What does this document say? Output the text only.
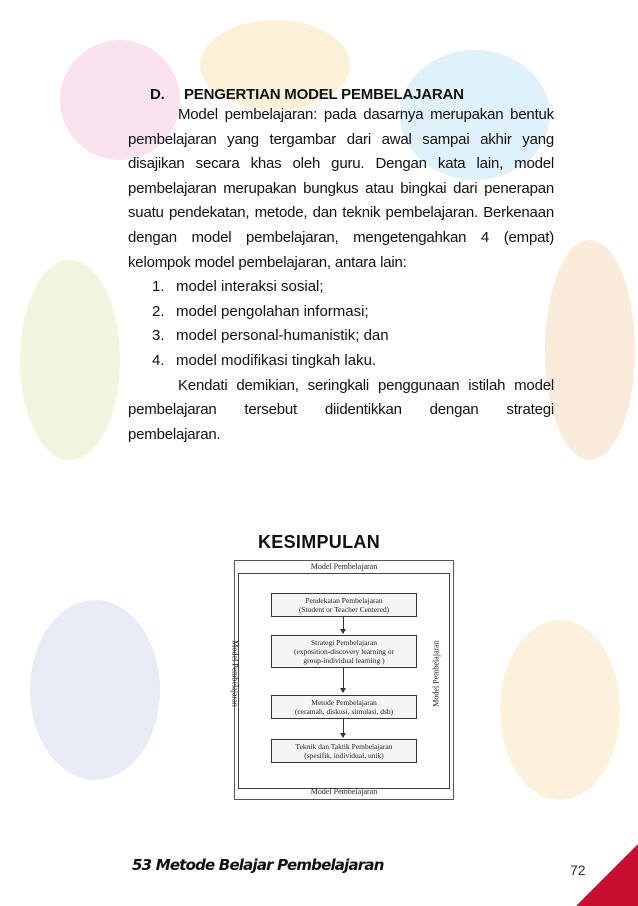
D. PENGERTIAN MODEL PEMBELAJARAN
Model pembelajaran: pada dasarnya merupakan bentuk pembelajaran yang tergambar dari awal sampai akhir yang disajikan secara khas oleh guru. Dengan kata lain, model pembelajaran merupakan bungkus atau bingkai dari penerapan suatu pendekatan, metode, dan teknik pembelajaran. Berkenaan dengan model pembelajaran, mengetengahkan 4 (empat) kelompok model pembelajaran, antara lain:
1. model interaksi sosial;
2. model pengolahan informasi;
3. model personal-humanistik; dan
4. model modifikasi tingkah laku.
Kendati demikian, seringkali penggunaan istilah model pembelajaran tersebut diidentikkan dengan strategi pembelajaran.
KESIMPULAN
Model Pembelajaran
Model Pembelajaran	Model Pembelajaran
Pendekatan Pembelajaran
(Student or Teacher Centered)
Strategi Pembelajaran
(exposition-discovery learning or
group-individual learning )
Metode Pembelajaran
(ceramah, diskusi, simulasi, dsb)
Teknik dan Taktik Pembelajaran
(spesifik, individual, unik)
Model Pembelajaran
53 Metode Belajar Pembelajaran	72
